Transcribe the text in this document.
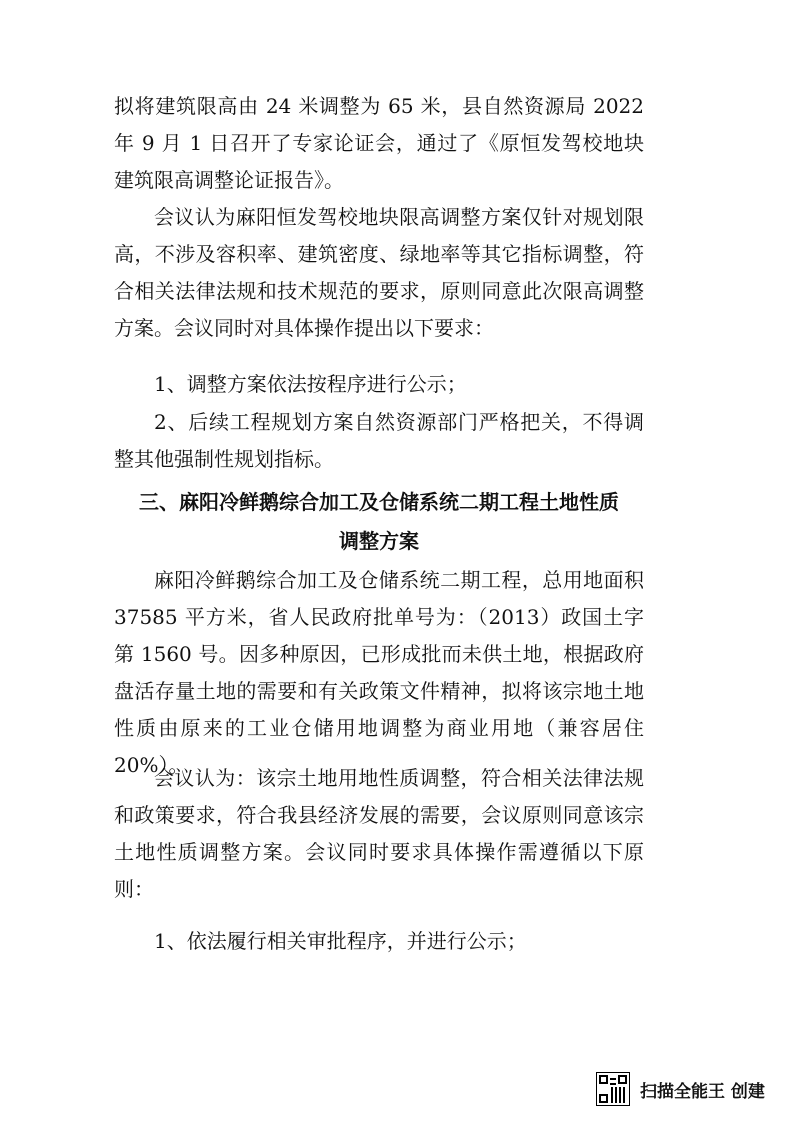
拟将建筑限高由 24 米调整为 65 米，县自然资源局 2022 年 9 月 1 日召开了专家论证会，通过了《原恒发驾校地块建筑限高调整论证报告》。

会议认为麻阳恒发驾校地块限高调整方案仅针对规划限高，不涉及容积率、建筑密度、绿地率等其它指标调整，符合相关法律法规和技术规范的要求，原则同意此次限高调整方案。会议同时对具体操作提出以下要求：

1、调整方案依法按程序进行公示；

2、后续工程规划方案自然资源部门严格把关，不得调整其他强制性规划指标。

三、麻阳冷鲜鹅综合加工及仓储系统二期工程土地性质
调整方案

麻阳冷鲜鹅综合加工及仓储系统二期工程，总用地面积 37585 平方米，省人民政府批单号为：（2013）政国土字第 1560 号。因多种原因，已形成批而未供土地，根据政府盘活存量土地的需要和有关政策文件精神，拟将该宗地土地性质由原来的工业仓储用地调整为商业用地（兼容居住 20%）。

会议认为：该宗土地用地性质调整，符合相关法律法规和政策要求，符合我县经济发展的需要，会议原则同意该宗土地性质调整方案。会议同时要求具体操作需遵循以下原则：

1、依法履行相关审批程序，并进行公示；

扫描全能王 创建
